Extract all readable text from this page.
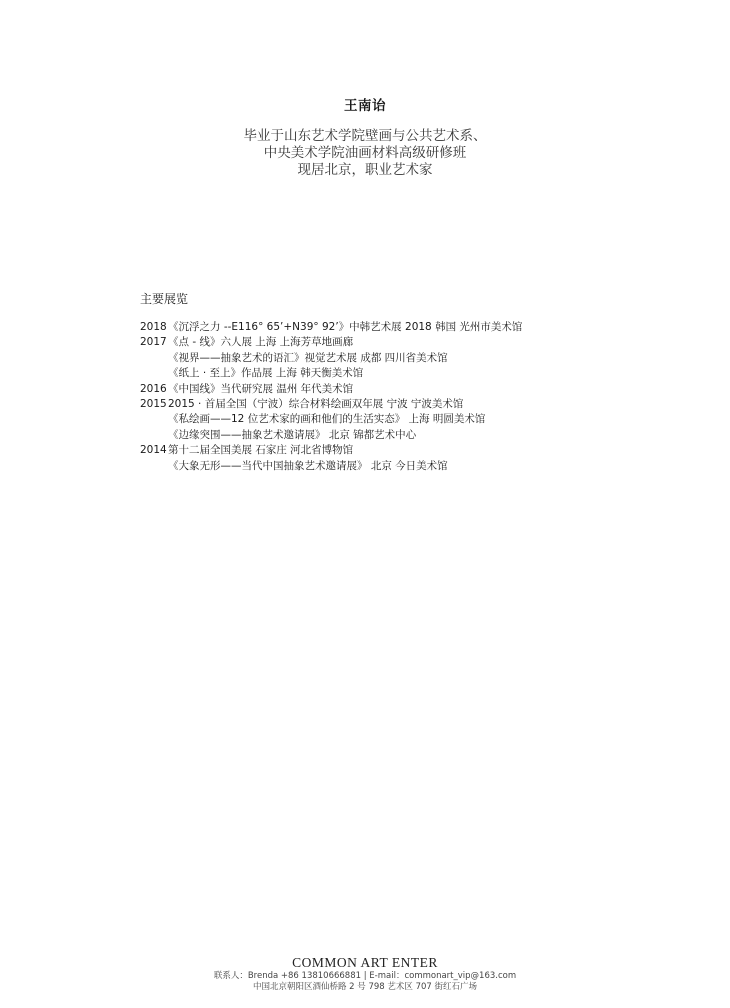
王南诒
毕业于山东艺术学院壁画与公共艺术系、
中央美术学院油画材料高级研修班
现居北京，职业艺术家
主要展览
2018 《沉浮之力 --E116° 65’+N39° 92’》中韩艺术展 2018 韩国 光州市美术馆
2017 《点 - 线》六人展 上海 上海芳草地画廊
《视界——抽象艺术的语汇》视觉艺术展 成都 四川省美术馆
《纸上 · 至上》作品展 上海 韩天衡美术馆
2016 《中国线》当代研究展 温州 年代美术馆
2015 2015 · 首届全国（宁波）综合材料绘画双年展 宁波 宁波美术馆
《私绘画——12 位艺术家的画和他们的生活实态》 上海 明圆美术馆
《边缘突围——抽象艺术邀请展》 北京 锦都艺术中心
2014 第十二届全国美展 石家庄 河北省博物馆
《大象无形——当代中国抽象艺术邀请展》 北京 今日美术馆
COMMON ART ENTER
联系人：Brenda +86 13810666881 | E-mail：commonart_vip@163.com
中国北京朝阳区酒仙桥路 2 号 798 艺术区 707 街红石广场
